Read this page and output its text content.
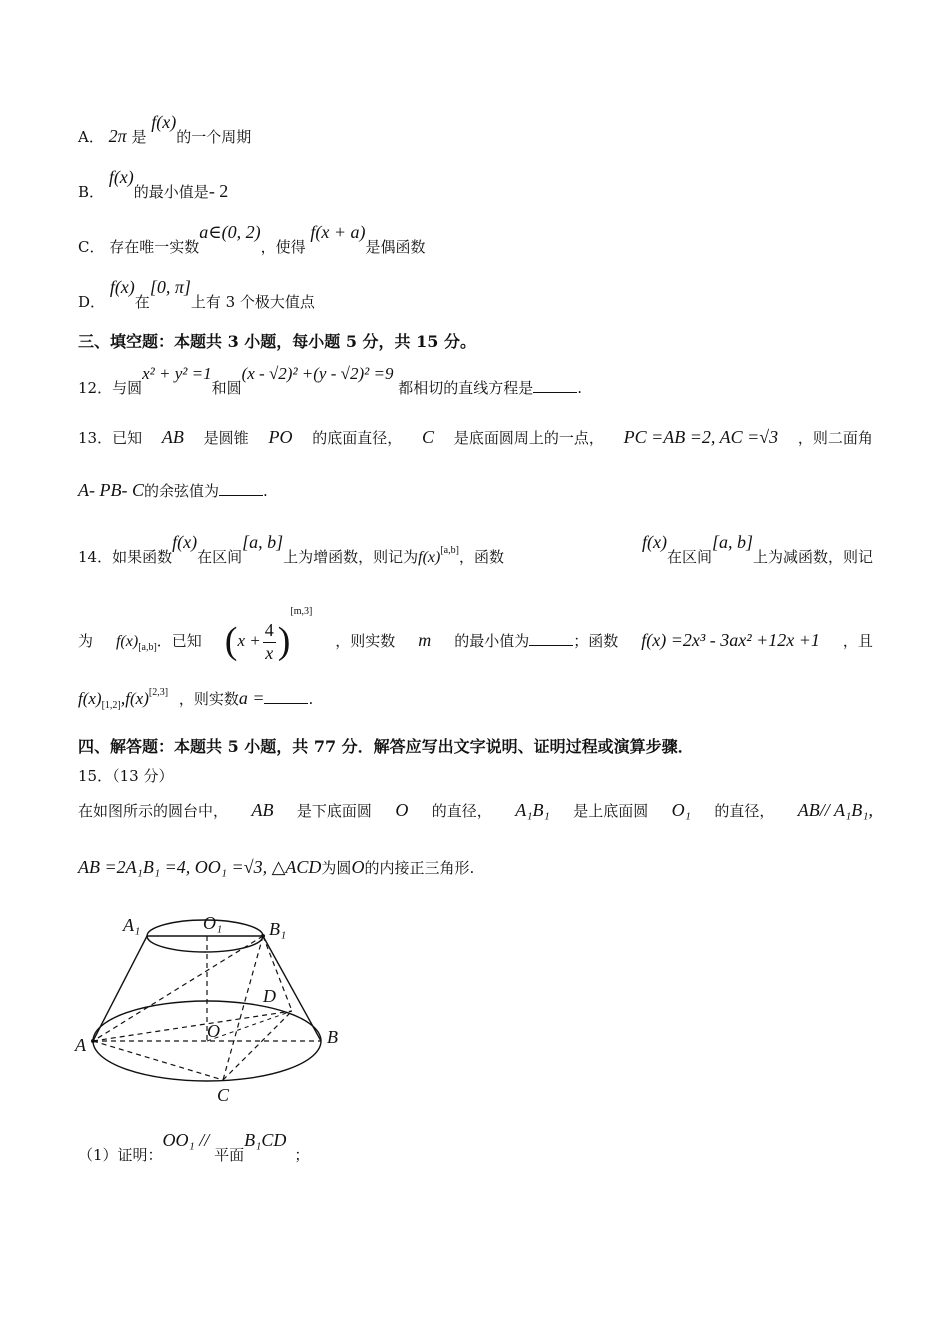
A． 2π 是 f(x)的一个周期
B． f(x)的最小值是- 2
C． 存在唯一实数a∈(0, 2)，使得 f(x + a)是偶函数
D． f(x)在[0, π]上有 3 个极大值点
三、填空题：本题共 3 小题，每小题 5 分，共 15 分。
12．与圆x² + y² =1和圆(x - √2)² +(y - √2)² =9 都相切的直线方程是	.
13．已知 AB 是圆锥 PO 的底面直径， C 是底面圆周上的一点， PC =AB =2, AC =√3 ，则二面角
A- PB- C的余弦值为	.
14．如果函数f(x)在区间[a, b]上为增函数，则记为f(x)[a,b]，函数
f(x)在区间[a, b]上为减函数，则记
为 $f(x)_{[a,b]}$．已知 $(x + \frac{4}{x} )[m,3]$
，则实数 m 的最小值为	；函数 f(x) =2x³ - 3ax² +12x +1 ，且
$f(x)_{[1,2]},f(x)[2,3]$ ，则实数a =	.
四、解答题：本题共 5 小题，共 77 分．解答应写出文字说明、证明过程或演算步骤．
15．（13 分）
在如图所示的圆台中， AB 是下底面圆 O 的直径， A₁B₁ 是上底面圆 O₁ 的直径， AB// A₁B₁,
AB =2A₁B₁ =4, OO₁ =√3, △ACD为圆O的内接正三角形.
A₁	O₁	B₁
D
O
A	B
C
（1）证明：OO₁ // 平面B₁CD；
